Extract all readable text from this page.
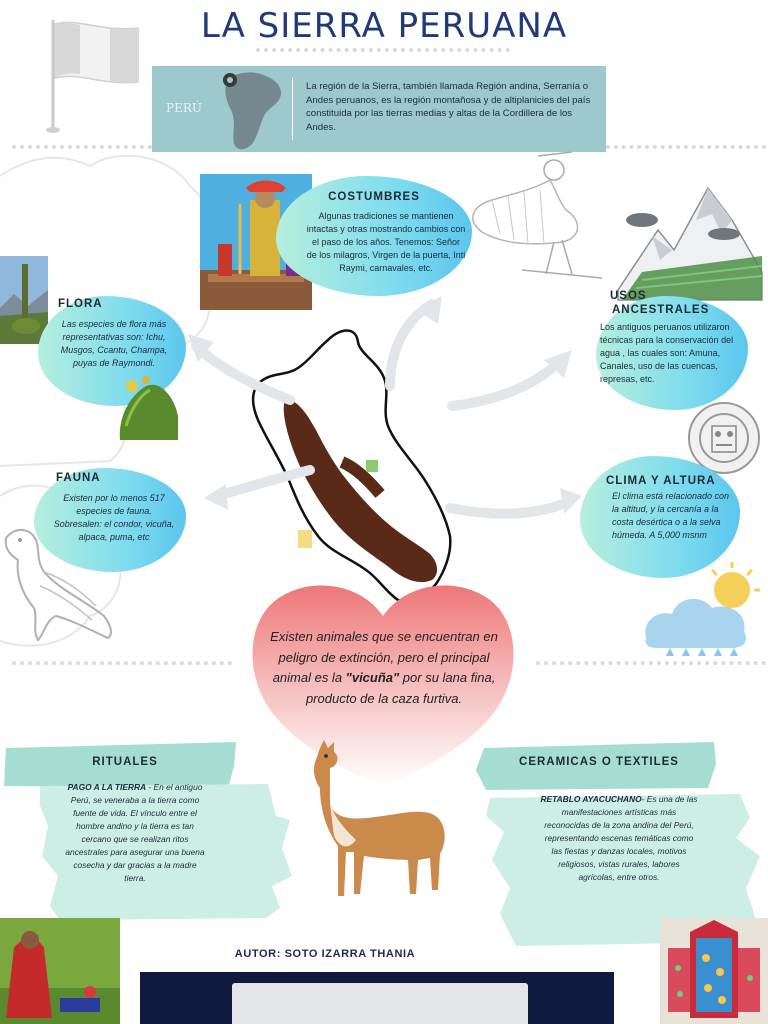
LA SIERRA PERUANA
PERÚ
La región de la Sierra, también llamada Región andina, Serranía o Andes peruanos, es la región montañosa y de altiplanicies del país constituida por las tierras medias y altas de la Cordillera de los Andes.
COSTUMBRES
Algunas tradiciones se mantienen intactas y otras mostrando cambios con el paso de los años. Tenemos: Señor de los milagros, Virgen de la puerta, Inti Raymi, carnavales, etc.
FLORA
Las especies de flora más representativas son: Ichu, Musgos, Ccantu, Champa, puyas de Raymondi.
USOS
ANCESTRALES
Los antiguos peruanos utilizaron técnicas para la conservación del agua , las cuales son: Amuna, Canales, uso de las cuencas, represas, etc.
FAUNA
Existen por lo menos 517 especies de fauna. Sobresalen: el condor, vicuña, alpaca, puma, etc
CLIMA Y ALTURA
El clima está relacionado con la altitud, y la cercanía a la costa desértica o a la selva húmeda. A 5,000 msnm
Existen animales que se encuentran en peligro de extinción, pero el principal animal es la "vicuña" por su lana fina, producto de la caza furtiva.
RITUALES
PAGO A LA TIERRA - En el antiguo Perú, se veneraba a la tierra como fuente de vida. El vínculo entre el hombre andino y la tierra es tan cercano que se realizan ritos ancestrales para asegurar una buena cosecha y dar gracias a la madre tierra.
CERAMICAS O TEXTILES
RETABLO AYACUCHANO- Es una de las manifestaciones artísticas más reconocidas de la zona andina del Perú, representando escenas temáticas como las fiestas y danzas locales, motivos religiosos, vistas rurales, labores agrícolas, entre otros.
AUTOR: SOTO IZARRA THANIA
